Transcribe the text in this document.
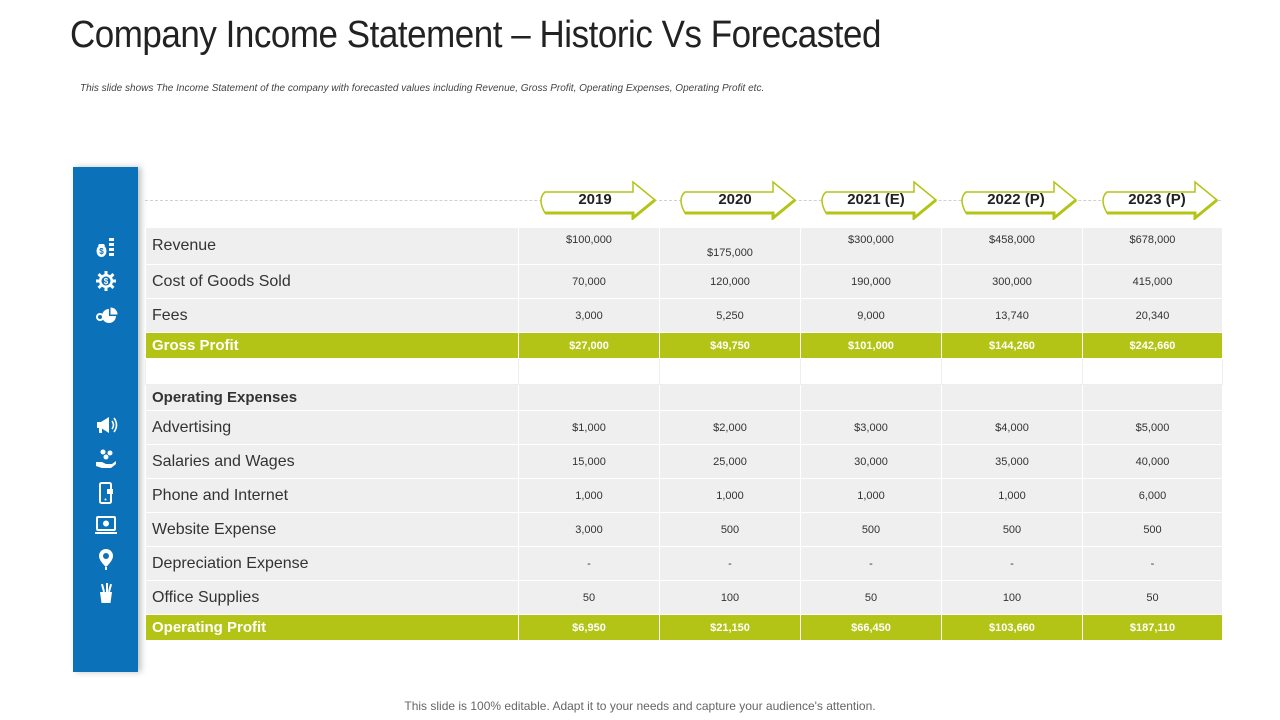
Company Income Statement – Historic Vs Forecasted

This slide shows The Income Statement of the company with forecasted values including Revenue, Gross Profit, Operating Expenses, Operating Profit etc.

$
$
2019	2020	2021 (E)	2022 (P)	2023 (P)
Revenue	$100,000	$175,000	$300,000	$458,000	$678,000
Cost of Goods Sold	70,000	120,000	190,000	300,000	415,000
Fees	3,000	5,250	9,000	13,740	20,340
Gross Profit	$27,000	$49,750	$101,000	$144,260	$242,660

Operating Expenses					
Advertising	$1,000	$2,000	$3,000	$4,000	$5,000
Salaries and Wages	15,000	25,000	30,000	35,000	40,000
Phone and Internet	1,000	1,000	1,000	1,000	6,000
Website Expense	3,000	500	500	500	500
Depreciation Expense	-	-	-	-	-
Office Supplies	50	100	50	100	50
Operating Profit	$6,950	$21,150	$66,450	$103,660	$187,110

This slide is 100% editable. Adapt it to your needs and capture your audience's attention.
